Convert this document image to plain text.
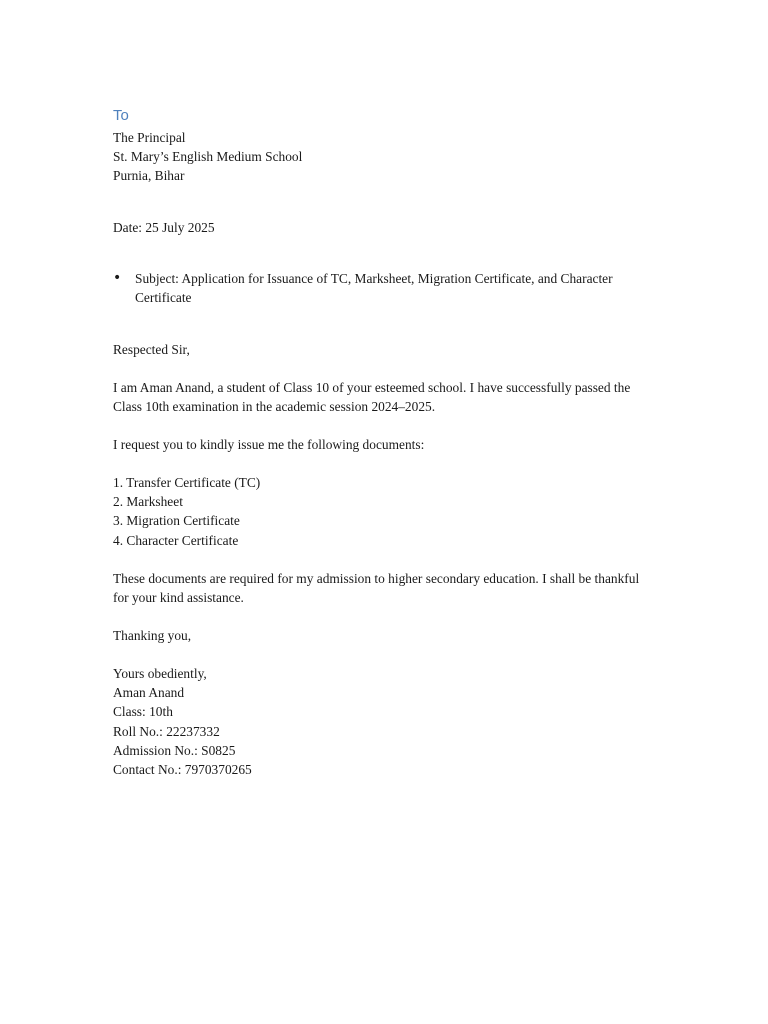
To
The Principal
St. Mary’s English Medium School
Purnia, Bihar
Date: 25 July 2025
• Subject: Application for Issuance of TC, Marksheet, Migration Certificate, and Character Certificate
Respected Sir,
I am Aman Anand, a student of Class 10 of your esteemed school. I have successfully passed the Class 10th examination in the academic session 2024–2025.
I request you to kindly issue me the following documents:
1. Transfer Certificate (TC)
2. Marksheet
3. Migration Certificate
4. Character Certificate
These documents are required for my admission to higher secondary education. I shall be thankful for your kind assistance.
Thanking you,
Yours obediently,
Aman Anand
Class: 10th
Roll No.: 22237332
Admission No.: S0825
Contact No.: 7970370265
